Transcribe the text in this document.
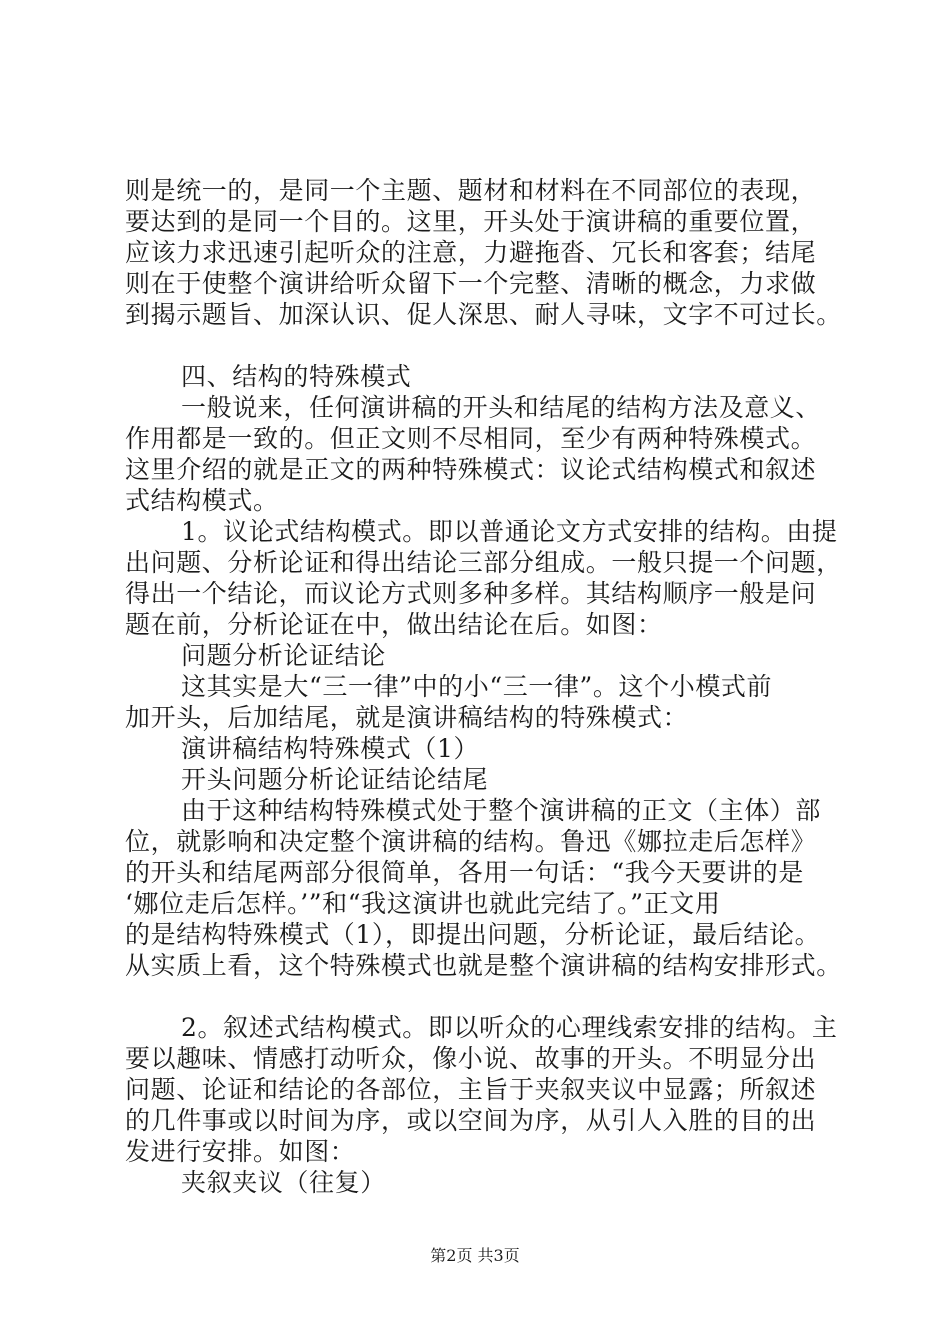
则是统一的，是同一个主题、题材和材料在不同部位的表现，
要达到的是同一个目的。这里，开头处于演讲稿的重要位置，
应该力求迅速引起听众的注意，力避拖沓、冗长和客套；结尾
则在于使整个演讲给听众留下一个完整、清晰的概念，力求做
到揭示题旨、加深认识、促人深思、耐人寻味，文字不可过长。
四、结构的特殊模式
一般说来，任何演讲稿的开头和结尾的结构方法及意义、
作用都是一致的。但正文则不尽相同，至少有两种特殊模式。
这里介绍的就是正文的两种特殊模式：议论式结构模式和叙述
式结构模式。
1。议论式结构模式。即以普通论文方式安排的结构。由提
出问题、分析论证和得出结论三部分组成。一般只提一个问题，
得出一个结论，而议论方式则多种多样。其结构顺序一般是问
题在前，分析论证在中，做出结论在后。如图：
问题分析论证结论
这其实是大“三一律”中的小“三一律”。这个小模式前
加开头，后加结尾，就是演讲稿结构的特殊模式：
演讲稿结构特殊模式（1）
开头问题分析论证结论结尾
由于这种结构特殊模式处于整个演讲稿的正文（主体）部
位，就影响和决定整个演讲稿的结构。鲁迅《娜拉走后怎样》
的开头和结尾两部分很简单，各用一句话：“我今天要讲的是
‘娜位走后怎样。’”和“我这演讲也就此完结了。”正文用
的是结构特殊模式（1），即提出问题，分析论证，最后结论。
从实质上看，这个特殊模式也就是整个演讲稿的结构安排形式。
2。叙述式结构模式。即以听众的心理线索安排的结构。主
要以趣味、情感打动听众，像小说、故事的开头。不明显分出
问题、论证和结论的各部位，主旨于夹叙夹议中显露；所叙述
的几件事或以时间为序，或以空间为序，从引人入胜的目的出
发进行安排。如图：
夹叙夹议（往复）
第2页 共3页
